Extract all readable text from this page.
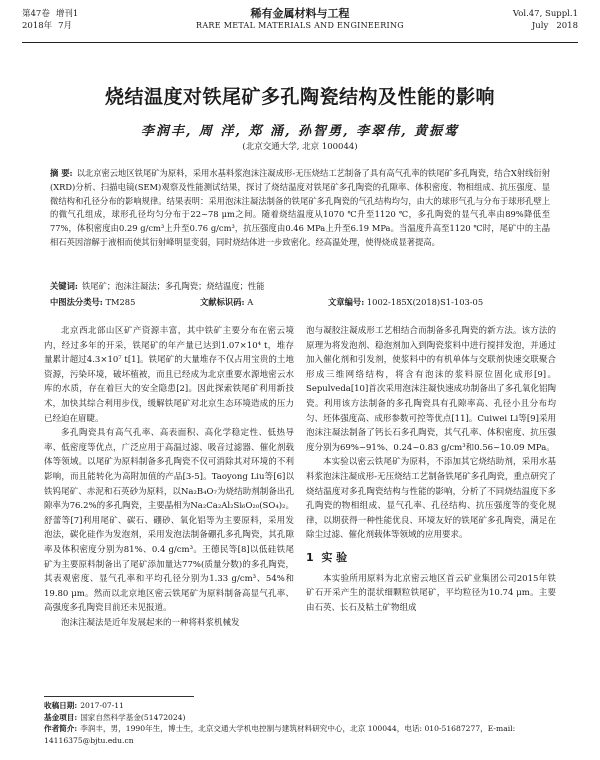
第47卷 增刊1
2018年 7月
稀有金属材料与工程
RARE METAL MATERIALS AND ENGINEERING
Vol.47, Suppl.1
July 2018
烧结温度对铁尾矿多孔陶瓷结构及性能的影响
李润丰, 周 洋, 郑 涌, 孙智勇, 李翠伟, 黄振莺
(北京交通大学, 北京 100044)
摘 要: 以北京密云地区铁尾矿为原料，采用水基料浆泡沫注凝成形-无压烧结工艺制备了具有高气孔率的铁尾矿多孔陶瓷，结合X射线衍射(XRD)分析、扫描电镜(SEM)观察及性能测试结果，探讨了烧结温度对铁尾矿多孔陶瓷的孔隙率、体积密度、物相组成、抗压强度、显微结构和孔径分布的影响规律。结果表明：采用泡沫注凝法制备的铁尾矿多孔陶瓷的气孔结构均匀，由大的球形气孔与分布于球形孔壁上的微气孔组成，球形孔径均匀分布于22~78 μm之间。随着烧结温度从1070 ℃升至1120 ℃，多孔陶瓷的显气孔率由89%降低至77%，体积密度由0.29 g/cm³上升至0.76 g/cm³，抗压强度由0.46 MPa上升至6.19 MPa。当温度升高至1120 ℃时，尾矿中的主晶相石英因溶解于液相而使其衍射峰明显变弱，同时烧结体进一步致密化。经高温处理，使得烧成显著提高。
关键词: 铁尾矿；泡沫注凝法；多孔陶瓷；烧结温度；性能
中图法分类号: TM285	文献标识码: A	文章编号: 1002-185X(2018)S1-103-05

北京西北部山区矿产资源丰富，其中铁矿主要分布在密云境内，经过多年的开采，铁尾矿的年产量已达到1.07×10⁴ t，堆存量累计超过4.3×10⁷ t[1]。铁尾矿的大量堆存不仅占用宝贵的土地资源，污染环境，破坏植被，而且已经成为北京重要水源地密云水库的水质，存在着巨大的安全隐患[2]。因此探索铁尾矿利用新技术，加快其综合利用步伐，缓解铁尾矿对北京生态环境造成的压力已经迫在眉睫。

多孔陶瓷具有高气孔率、高表面积、高化学稳定性、低热导率、低密度等优点，广泛应用于高温过滤、吸音过滤器、催化剂载体等领域。以尾矿为原料制备多孔陶瓷不仅可消除其对环境的不利影响，而且能转化为高附加值的产品[3-5]。Taoyong Liu等[6]以铁钨尾矿、赤泥和石英砂为原料，以Na₂B₄O₇为烧结助剂制备出孔隙率为76.2%的多孔陶瓷，主要晶相为Na₂Ca₂Al₂Si₆O₂₀(SO₄)₂。舒蕾等[7]利用尾矿、碳石、硼砂、氧化铝等为主要原料，采用发泡法，碳化硅作为发泡剂，采用发泡法制备硼孔多孔陶瓷，其孔隙率及体积密度分别为81%、0.4 g/cm³。王德民等[8]以低硅铁尾矿为主要原料制备出了尾矿添加量达77%(质量分数)的多孔陶瓷，其表观密度、显气孔率和平均孔径分别为1.33 g/cm³、54%和19.80 μm。然而以北京地区密云铁尾矿为原料制备高显气孔率、高强度多孔陶瓷目前还未见报道。

泡沫注凝法是近年发展起来的一种将料浆机械发

泡与凝胶注凝成形工艺相结合而制备多孔陶瓷的新方法。该方法的原理为将发泡剂、稳泡剂加入到陶瓷浆料中进行搅拌发泡，并通过加入催化剂和引发剂，使浆料中的有机单体与交联剂快速交联聚合形成三维网络结构，将含有泡沫的浆料原位固化成形[9]。Sepulveda[10]首次采用泡沫注凝快速成功制备出了多孔氧化铝陶瓷。利用该方法制备的多孔陶瓷具有孔隙率高、孔径小且分布均匀、坯体强度高、成形参数可控等优点[11]。Cuiwei Li等[9]采用泡沫注凝法制备了钙长石多孔陶瓷，其气孔率、体积密度、抗压强度分别为69%~91%、0.24~0.83 g/cm³和0.56~10.09 MPa。

本实验以密云铁尾矿为原料，不添加其它烧结助剂，采用水基料浆泡沫注凝成形-无压烧结工艺制备铁尾矿多孔陶瓷，重点研究了烧结温度对多孔陶瓷结构与性能的影响，分析了不同烧结温度下多孔陶瓷的物相组成、显气孔率、孔径结构、抗压强度等的变化规律，以期获得一种性能优良、环境友好的铁尾矿多孔陶瓷，满足在除尘过滤、催化剂载体等领域的应用要求。

1 实 验

本实验所用原料为北京密云地区首云矿业集团公司2015年铁矿石开采产生的混状细颗粒铁尾矿，平均粒径为10.74 μm。主要由石英、长石及粘土矿物组成

收稿日期: 2017-07-11
基金项目: 国家自然科学基金(51472024)
作者简介: 李润丰，男，1990年生，博士生，北京交通大学机电控制与建筑材料研究中心，北京 100044，电话: 010-51687277，E-mail: 14116375@bjtu.edu.cn
